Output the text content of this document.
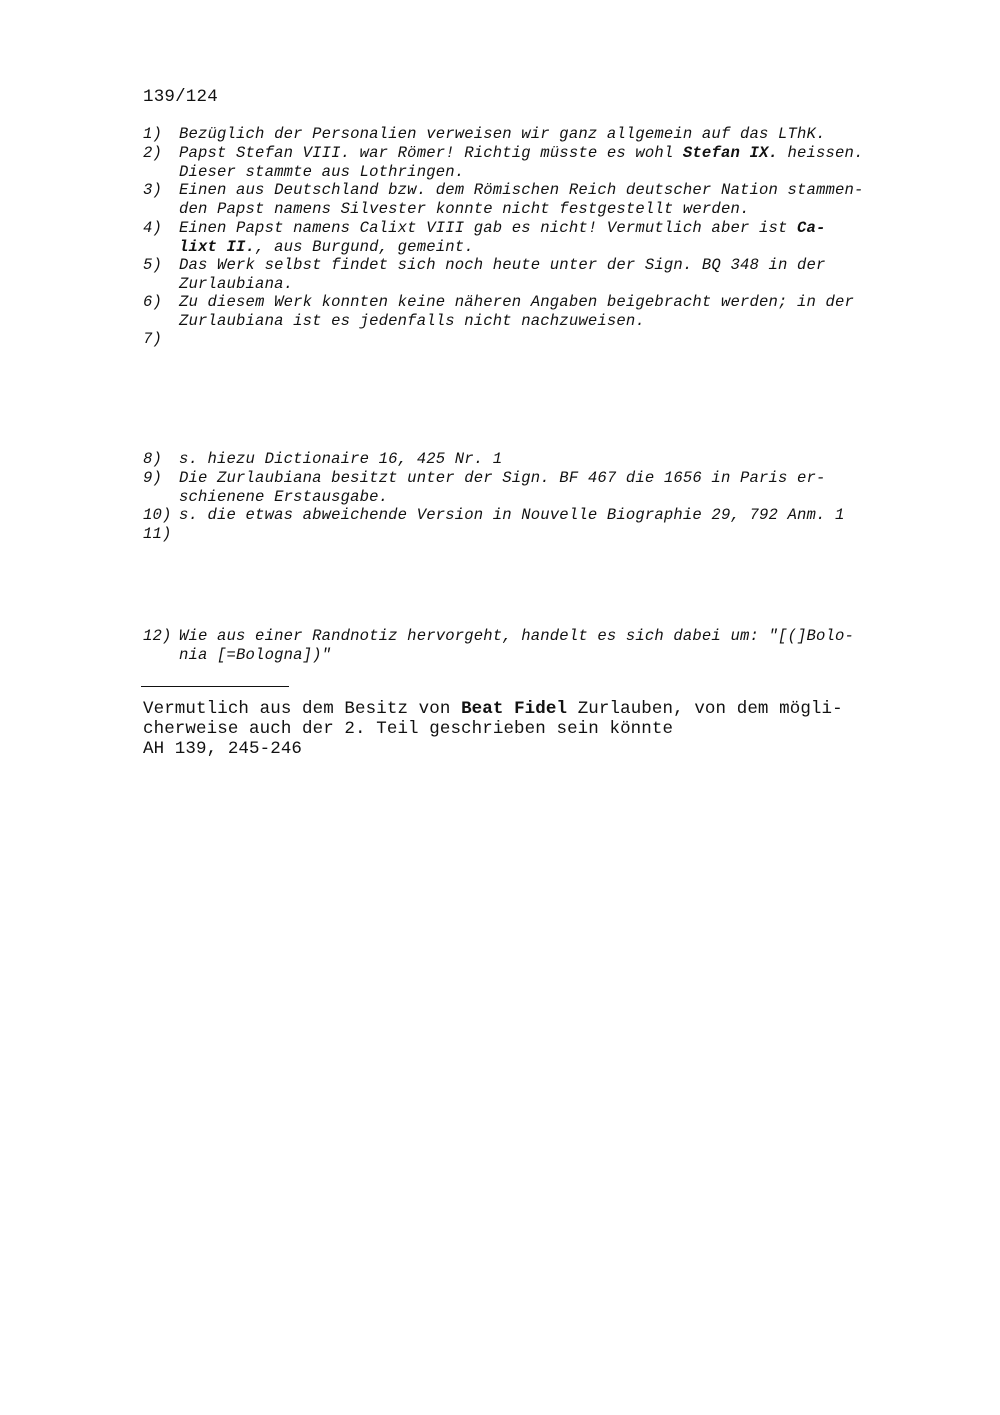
139/124
1)	Bezüglich der Personalien verweisen wir ganz allgemein auf das LThK.
2)	Papst Stefan VIII. war Römer! Richtig müsste es wohl Stefan IX. heissen.
Dieser stammte aus Lothringen.
3)	Einen aus Deutschland bzw. dem Römischen Reich deutscher Nation stammen-
den Papst namens Silvester konnte nicht festgestellt werden.
4)	Einen Papst namens Calixt VIII gab es nicht! Vermutlich aber ist Ca-
lixt II., aus Burgund, gemeint.
5)	Das Werk selbst findet sich noch heute unter der Sign. BQ 348 in der
Zurlaubiana.
6)	Zu diesem Werk konnten keine näheren Angaben beigebracht werden; in der
Zurlaubiana ist es jedenfalls nicht nachzuweisen.
7)
8)	s. hiezu Dictionaire 16, 425 Nr. 1
9)	Die Zurlaubiana besitzt unter der Sign. BF 467 die 1656 in Paris er-
schienene Erstausgabe.
10) s. die etwas abweichende Version in Nouvelle Biographie 29, 792 Anm. 1
11)
12) Wie aus einer Randnotiz hervorgeht, handelt es sich dabei um: "[(]Bolo-
nia [=Bologna])"
Vermutlich aus dem Besitz von Beat Fidel Zurlauben, von dem mögli-
cherweise auch der 2. Teil geschrieben sein könnte
AH 139, 245-246
